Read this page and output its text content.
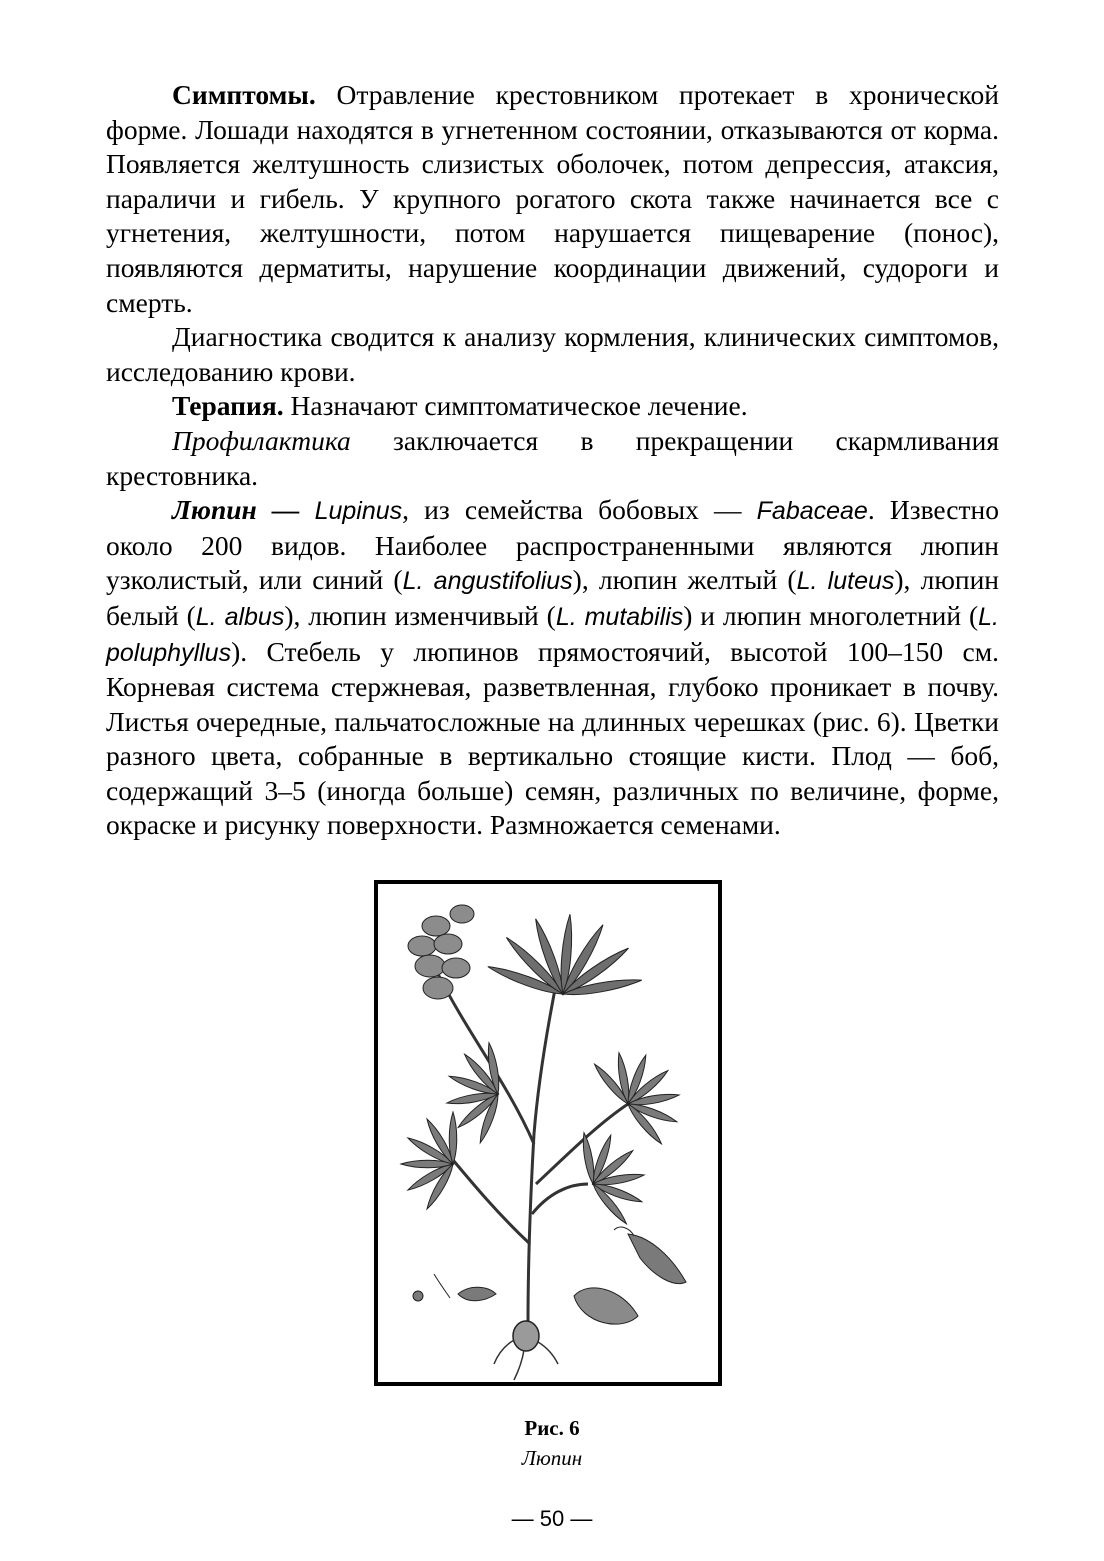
Симптомы. Отравление крестовником протекает в хронической форме. Лошади находятся в угнетенном состоянии, отказываются от корма. Появляется желтушность слизистых оболочек, потом депрессия, атаксия, параличи и гибель. У крупного рогатого скота также начинается все с угнетения, желтушности, потом нарушается пищеварение (понос), появляются дерматиты, нарушение координации движений, судороги и смерть.

Диагностика сводится к анализу кормления, клинических симптомов, исследованию крови.

Терапия. Назначают симптоматическое лечение.

Профилактика заключается в прекращении скармливания крестовника.

Люпин — Lupinus, из семейства бобовых — Fabaceae. Известно около 200 видов. Наиболее распространенными являются люпин узколистый, или синий (L. angustifolius), люпин желтый (L. luteus), люпин белый (L. albus), люпин изменчивый (L. mutabilis) и люпин многолетний (L. poluphyllus). Стебель у люпинов прямостоячий, высотой 100–150 см. Корневая система стержневая, разветвленная, глубоко проникает в почву. Листья очередные, пальчатосложные на длинных черешках (рис. 6). Цветки разного цвета, собранные в вертикально стоящие кисти. Плод — боб, содержащий 3–5 (иногда больше) семян, различных по величине, форме, окраске и рисунку поверхности. Размножается семенами.

Рис. 6
Люпин
— 50 —
